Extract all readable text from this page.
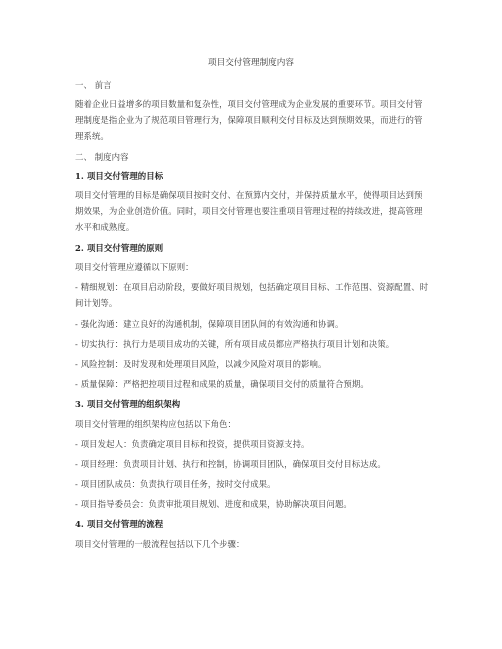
项目交付管理制度内容
一、 前言
随着企业日益增多的项目数量和复杂性，项目交付管理成为企业发展的重要环节。项目交付管理制度是指企业为了规范项目管理行为，保障项目顺利交付目标及达到预期效果，而进行的管理系统。
二、 制度内容
1. 项目交付管理的目标
项目交付管理的目标是确保项目按时交付、在预算内交付，并保持质量水平，使得项目达到预期效果，为企业创造价值。同时，项目交付管理也要注重项目管理过程的持续改进，提高管理水平和成熟度。
2. 项目交付管理的原则
项目交付管理应遵循以下原则：
- 精细规划：在项目启动阶段，要做好项目规划，包括确定项目目标、工作范围、资源配置、时间计划等。
- 强化沟通：建立良好的沟通机制，保障项目团队间的有效沟通和协调。
- 切实执行：执行力是项目成功的关键，所有项目成员都应严格执行项目计划和决策。
- 风险控制：及时发现和处理项目风险，以减少风险对项目的影响。
- 质量保障：严格把控项目过程和成果的质量，确保项目交付的质量符合预期。
3. 项目交付管理的组织架构
项目交付管理的组织架构应包括以下角色：
- 项目发起人：负责确定项目目标和投资，提供项目资源支持。
- 项目经理：负责项目计划、执行和控制，协调项目团队，确保项目交付目标达成。
- 项目团队成员：负责执行项目任务，按时交付成果。
- 项目指导委员会：负责审批项目规划、进度和成果，协助解决项目问题。
4. 项目交付管理的流程
项目交付管理的一般流程包括以下几个步骤：
